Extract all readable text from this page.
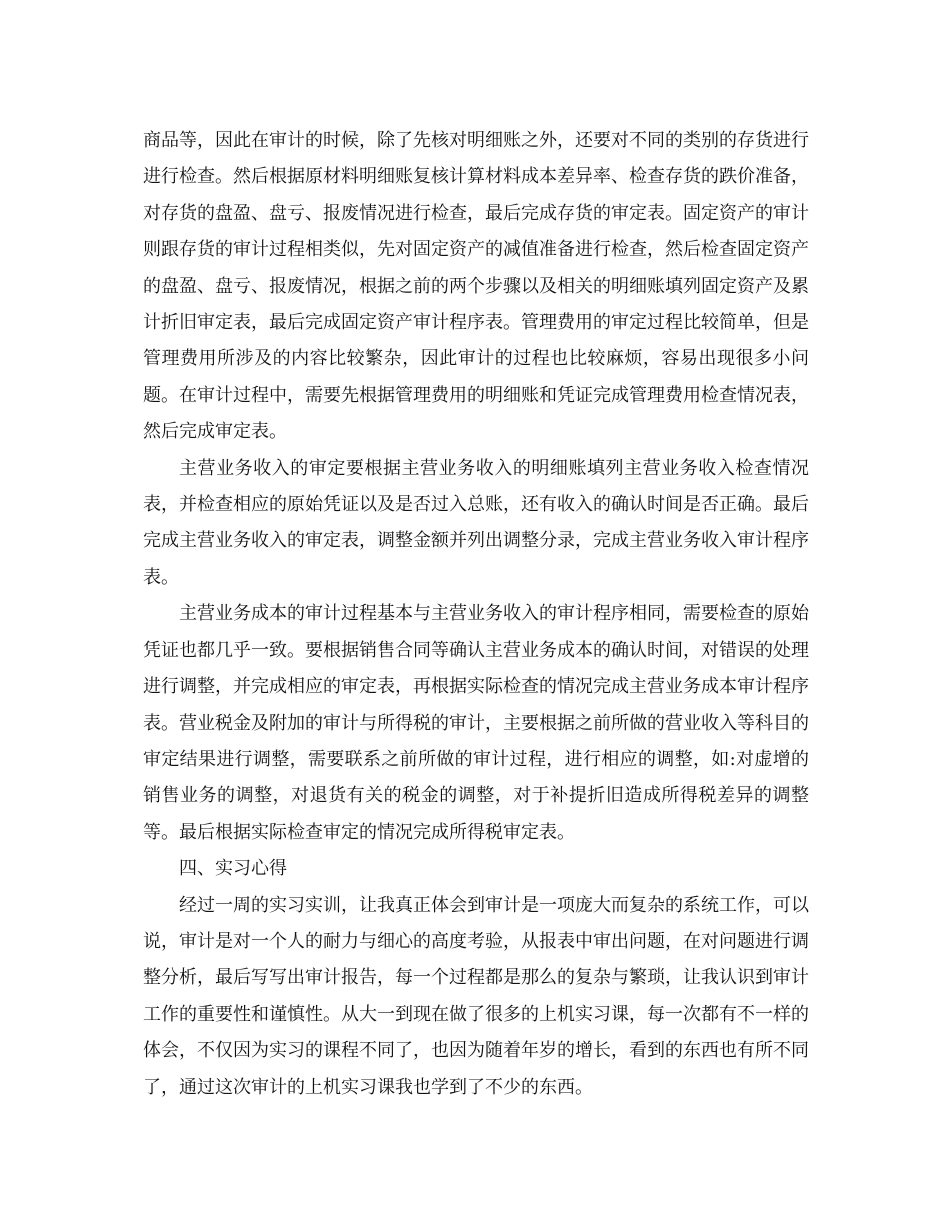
商品等，因此在审计的时候，除了先核对明细账之外，还要对不同的类别的存货进行进行检查。然后根据原材料明细账复核计算材料成本差异率、检查存货的跌价准备，对存货的盘盈、盘亏、报废情况进行检查，最后完成存货的审定表。固定资产的审计则跟存货的审计过程相类似，先对固定资产的减值准备进行检查，然后检查固定资产的盘盈、盘亏、报废情况，根据之前的两个步骤以及相关的明细账填列固定资产及累计折旧审定表，最后完成固定资产审计程序表。管理费用的审定过程比较简单，但是管理费用所涉及的内容比较繁杂，因此审计的过程也比较麻烦，容易出现很多小问题。在审计过程中，需要先根据管理费用的明细账和凭证完成管理费用检查情况表，然后完成审定表。

主营业务收入的审定要根据主营业务收入的明细账填列主营业务收入检查情况表，并检查相应的原始凭证以及是否过入总账，还有收入的确认时间是否正确。最后完成主营业务收入的审定表，调整金额并列出调整分录，完成主营业务收入审计程序表。

主营业务成本的审计过程基本与主营业务收入的审计程序相同，需要检查的原始凭证也都几乎一致。要根据销售合同等确认主营业务成本的确认时间，对错误的处理进行调整，并完成相应的审定表，再根据实际检查的情况完成主营业务成本审计程序表。营业税金及附加的审计与所得税的审计，主要根据之前所做的营业收入等科目的审定结果进行调整，需要联系之前所做的审计过程，进行相应的调整，如:对虚增的销售业务的调整，对退货有关的税金的调整，对于补提折旧造成所得税差异的调整等。最后根据实际检查审定的情况完成所得税审定表。

四、实习心得

经过一周的实习实训，让我真正体会到审计是一项庞大而复杂的系统工作，可以说，审计是对一个人的耐力与细心的高度考验，从报表中审出问题，在对问题进行调整分析，最后写写出审计报告，每一个过程都是那么的复杂与繁琐，让我认识到审计工作的重要性和谨慎性。从大一到现在做了很多的上机实习课，每一次都有不一样的体会，不仅因为实习的课程不同了，也因为随着年岁的增长，看到的东西也有所不同了，通过这次审计的上机实习课我也学到了不少的东西。
